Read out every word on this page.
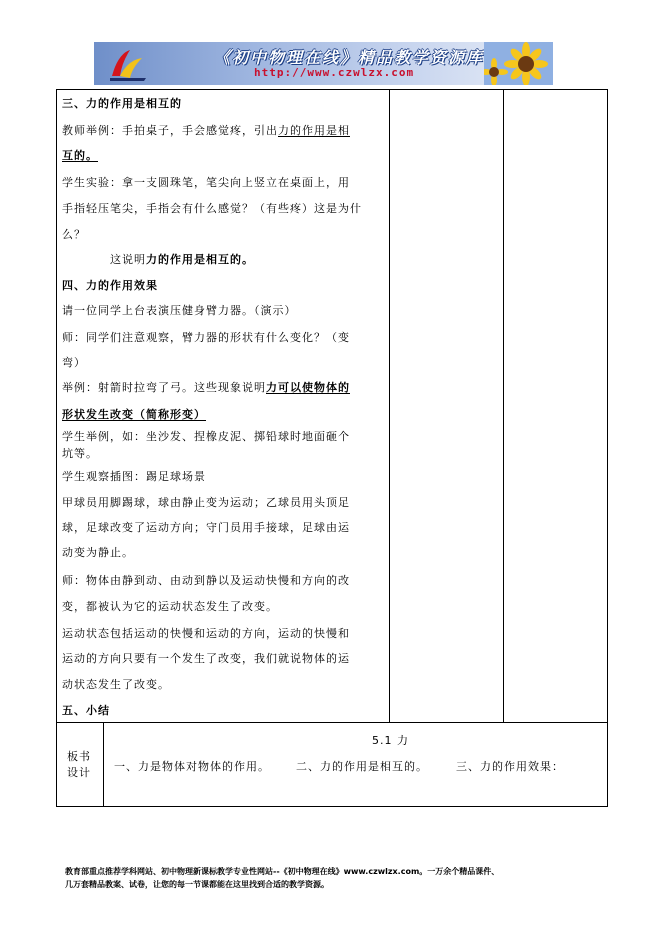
《初中物理在线》精品教学资源库
http://www.czwlzx.com
三、力的作用是相互的
教师举例：手拍桌子，手会感觉疼，引出力的作用是相
互的。
学生实验：拿一支圆珠笔，笔尖向上竖立在桌面上，用
手指轻压笔尖，手指会有什么感觉？（有些疼）这是为什
么？
这说明力的作用是相互的。
四、力的作用效果
请一位同学上台表演压健身臂力器。（演示）
师：同学们注意观察，臂力器的形状有什么变化？（变
弯）
举例：射箭时拉弯了弓。这些现象说明力可以使物体的
形状发生改变（简称形变）
学生举例，如：坐沙发、捏橡皮泥、掷铅球时地面砸个
坑等。
学生观察插图：踢足球场景
甲球员用脚踢球，球由静止变为运动；乙球员用头顶足
球，足球改变了运动方向；守门员用手接球，足球由运
动变为静止。
师：物体由静到动、由动到静以及运动快慢和方向的改
变，都被认为它的运动状态发生了改变。
运动状态包括运动的快慢和运动的方向，运动的快慢和
运动的方向只要有一个发生了改变，我们就说物体的运
动状态发生了改变。
五、小结
板书
设计
5.1 力
一、力是物体对物体的作用。 二、力的作用是相互的。	三、力的作用效果：
教育部重点推荐学科网站、初中物理新课标教学专业性网站--《初中物理在线》www.czwlzx.com。一万余个精品课件、
几万套精品教案、试卷，让您的每一节课都能在这里找到合适的教学资源。
